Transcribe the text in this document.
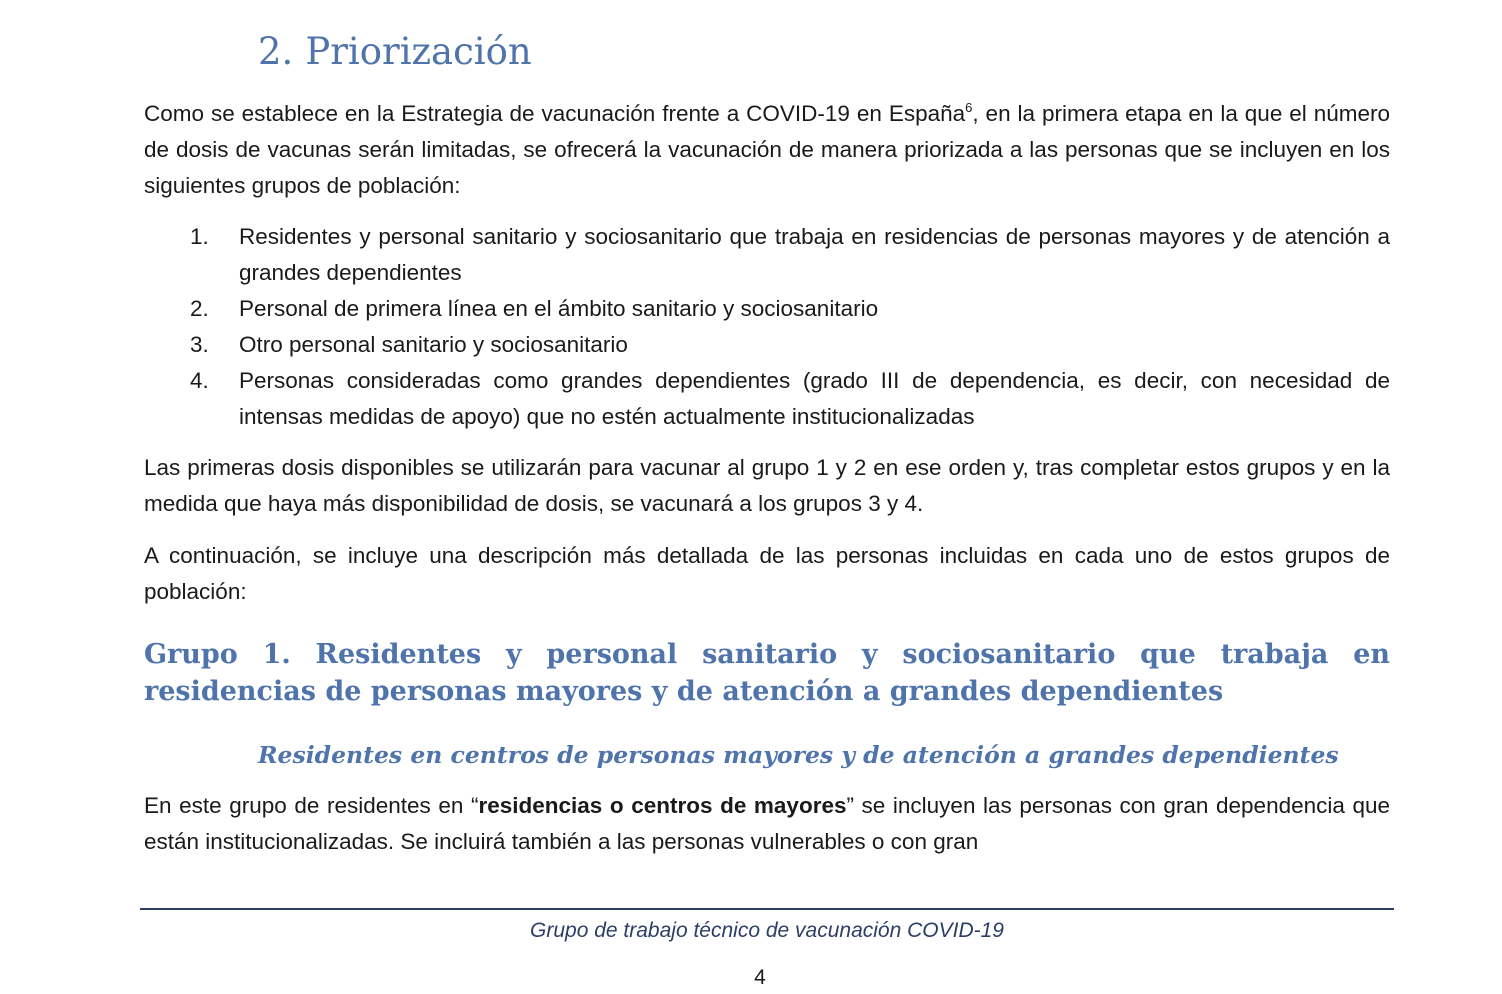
2. Priorización

Como se establece en la Estrategia de vacunación frente a COVID-19 en España$^6$, en la primera etapa en la que el número de dosis de vacunas serán limitadas, se ofrecerá la vacunación de manera priorizada a las personas que se incluyen en los siguientes grupos de población:

1. Residentes y personal sanitario y sociosanitario que trabaja en residencias de personas mayores y de atención a grandes dependientes
2. Personal de primera línea en el ámbito sanitario y sociosanitario
3. Otro personal sanitario y sociosanitario
4. Personas consideradas como grandes dependientes (grado III de dependencia, es decir, con necesidad de intensas medidas de apoyo) que no estén actualmente institucionalizadas

Las primeras dosis disponibles se utilizarán para vacunar al grupo 1 y 2 en ese orden y, tras completar estos grupos y en la medida que haya más disponibilidad de dosis, se vacunará a los grupos 3 y 4.

A continuación, se incluye una descripción más detallada de las personas incluidas en cada uno de estos grupos de población:

Grupo 1. Residentes y personal sanitario y sociosanitario que trabaja en residencias de personas mayores y de atención a grandes dependientes
Residentes en centros de personas mayores y de atención a grandes dependientes

En este grupo de residentes en “residencias o centros de mayores” se incluyen las personas con gran dependencia que están institucionalizadas. Se incluirá también a las personas vulnerables o con gran

Grupo de trabajo técnico de vacunación COVID-19
4
